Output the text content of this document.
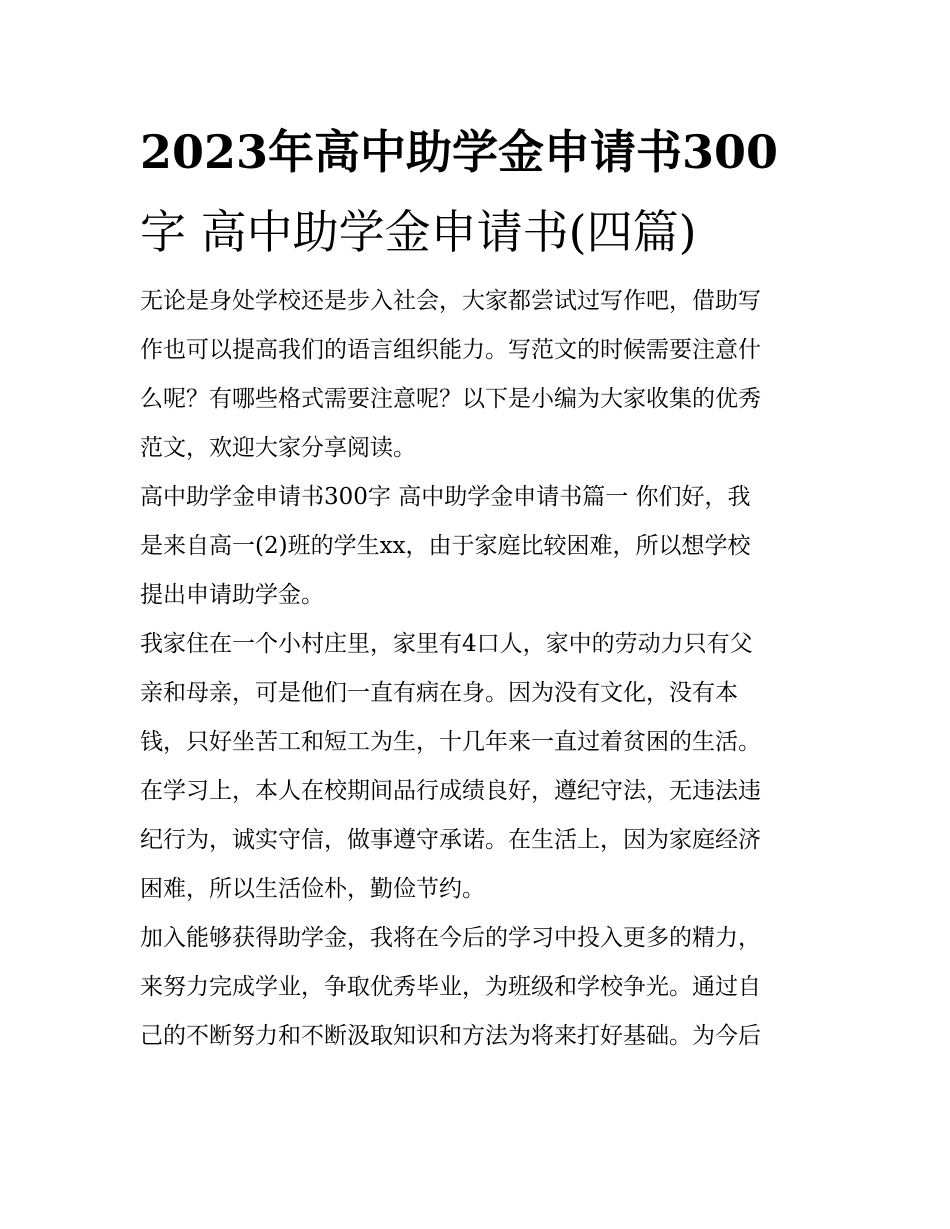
2023年高中助学金申请书300
字 高中助学金申请书(四篇)
无论是身处学校还是步入社会，大家都尝试过写作吧，借助写
作也可以提高我们的语言组织能力。写范文的时候需要注意什
么呢？有哪些格式需要注意呢？以下是小编为大家收集的优秀
范文，欢迎大家分享阅读。
高中助学金申请书300字 高中助学金申请书篇一 你们好，我
是来自高一(2)班的学生xx，由于家庭比较困难，所以想学校
提出申请助学金。
我家住在一个小村庄里，家里有4口人，家中的劳动力只有父
亲和母亲，可是他们一直有病在身。因为没有文化，没有本
钱，只好坐苦工和短工为生，十几年来一直过着贫困的生活。
在学习上，本人在校期间品行成绩良好，遵纪守法，无违法违
纪行为，诚实守信，做事遵守承诺。在生活上，因为家庭经济
困难，所以生活俭朴，勤俭节约。
加入能够获得助学金，我将在今后的学习中投入更多的精力，
来努力完成学业，争取优秀毕业，为班级和学校争光。通过自
己的不断努力和不断汲取知识和方法为将来打好基础。为今后
